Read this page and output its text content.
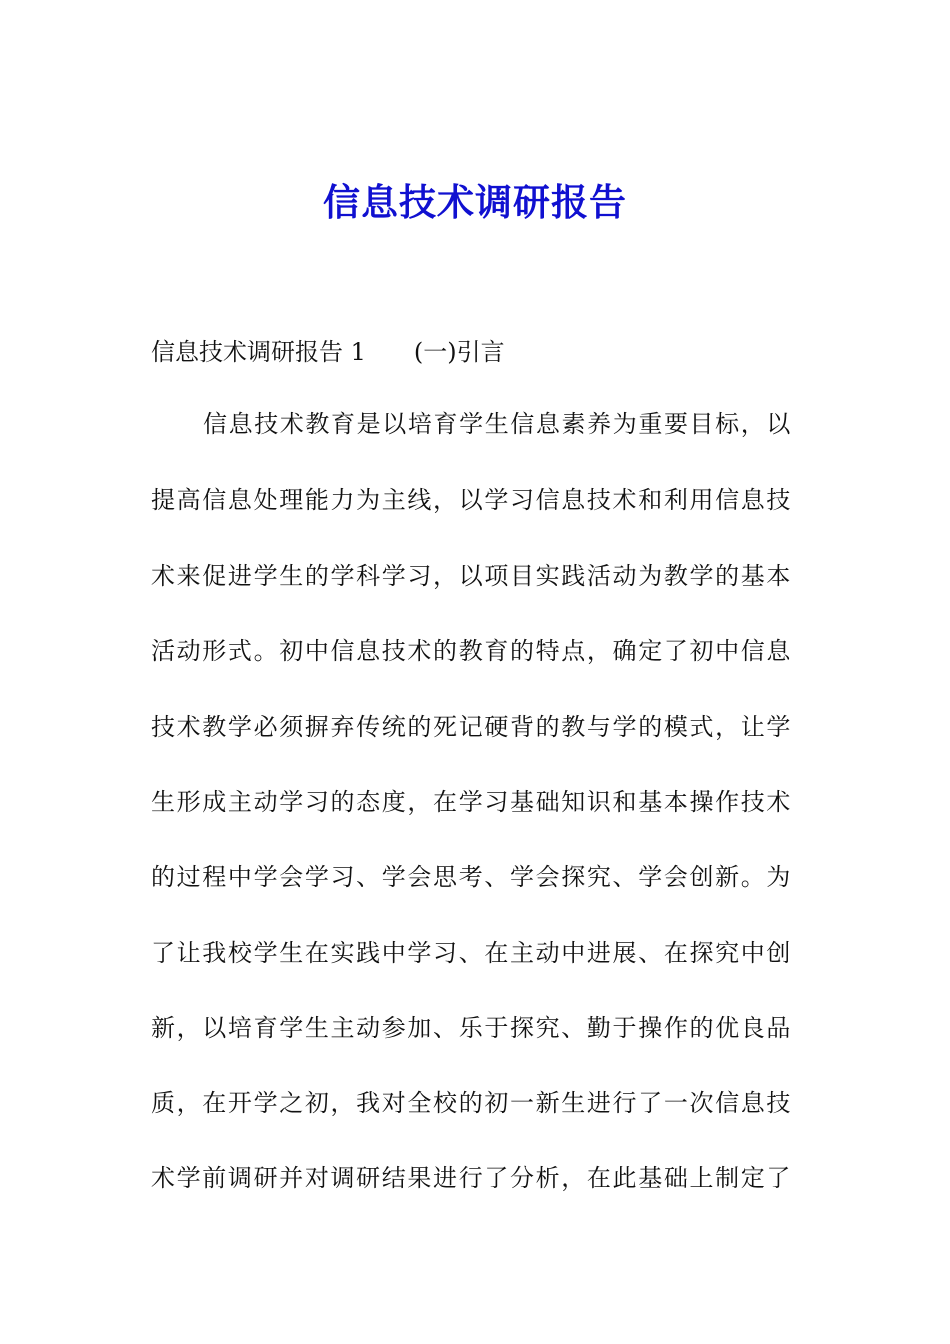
信息技术调研报告
信息技术调研报告 1 (一)引言
信息技术教育是以培育学生信息素养为重要目标，以
提高信息处理能力为主线，以学习信息技术和利用信息技
术来促进学生的学科学习，以项目实践活动为教学的基本
活动形式。初中信息技术的教育的特点，确定了初中信息
技术教学必须摒弃传统的死记硬背的教与学的模式，让学
生形成主动学习的态度，在学习基础知识和基本操作技术
的过程中学会学习、学会思考、学会探究、学会创新。为
了让我校学生在实践中学习、在主动中进展、在探究中创
新，以培育学生主动参加、乐于探究、勤于操作的优良品
质，在开学之初，我对全校的初一新生进行了一次信息技
术学前调研并对调研结果进行了分析，在此基础上制定了
